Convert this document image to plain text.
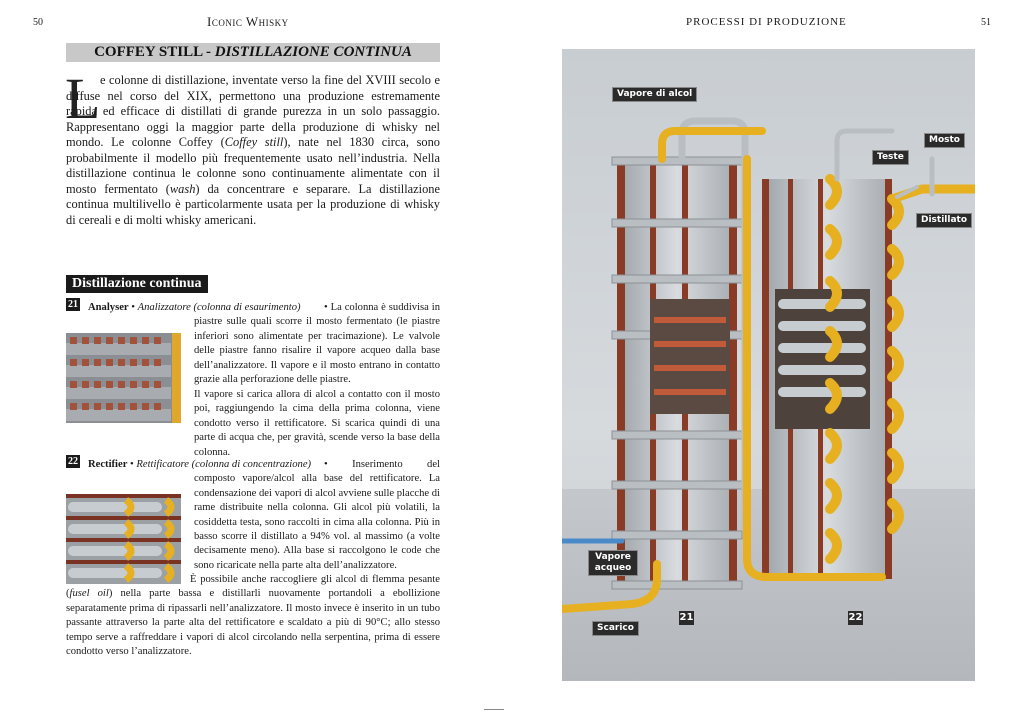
50	Iconic Whisky
COFFEY STILL - DISTILLAZIONE CONTINUA
L e colonne di distillazione, inventate verso la fine del XVIII secolo e diffuse nel corso del XIX, permettono una produzione estremamente rapida ed efficace di distillati di grande purezza in un solo passaggio. Rappresentano oggi la maggior parte della produzione di whisky nel mondo. Le colonne Coffey (Coffey still), nate nel 1830 circa, sono probabilmente il modello più frequentemente usato nell’industria. Nella distillazione continua le colonne sono continuamente alimentate con il mosto fermentato (wash) da concentrare e separare. La distillazione continua multilivello è particolarmente usata per la produzione di whisky di cereali e di molti whisky americani.

Distillazione continua
21 Analyser • Analizzatore (colonna di esaurimento)	• La colonna è suddivisa in piastre sulle quali scorre il mosto fermentato (le piastre inferiori sono alimentate per tracimazione). Le valvole delle piastre fanno risalire il vapore acqueo dalla base dell’analizzatore. Il vapore e il mosto entrano in contatto grazie alla perforazione delle piastre.

Il vapore si carica allora di alcol a contatto con il mosto poi, raggiungendo la cima della prima colonna, viene condotto verso il rettificatore. Si scarica quindi di una parte di acqua che, per gravità, scende verso la base della colonna.

22 Rectifier • Rettificatore (colonna di concentrazione)	• Inserimento del composto vapore/alcol alla base del rettificatore. La condensazione dei vapori di alcol avviene sulle placche di rame distribuite nella colonna. Gli alcol più volatili, la cosiddetta testa, sono raccolti in cima alla colonna. Più in basso scorre il distillato a 94% vol. al massimo (a volte decisamente meno). Alla base si raccolgono le code che sono ricaricate nella parte alta dell’analizzatore.

È possibile anche raccogliere gli alcol di flemma pesante (fusel oil) nella parte bassa e distillarli nuovamente portandoli a ebollizione separatamente prima di ripassarli nell’analizzatore. Il mosto invece è inserito in un tubo passante attraverso la parte alta del rettificatore e scaldato a più di 90°C; allo stesso tempo serve a raffreddare i vapori di alcol circolando nella serpentina, prima di essere condotto verso l’analizzatore.

PROCESSI DI PRODUZIONE	51
Vapore di alcol
Mosto
Teste
Distillato
Vapore acqueo
Scarico
21	22
